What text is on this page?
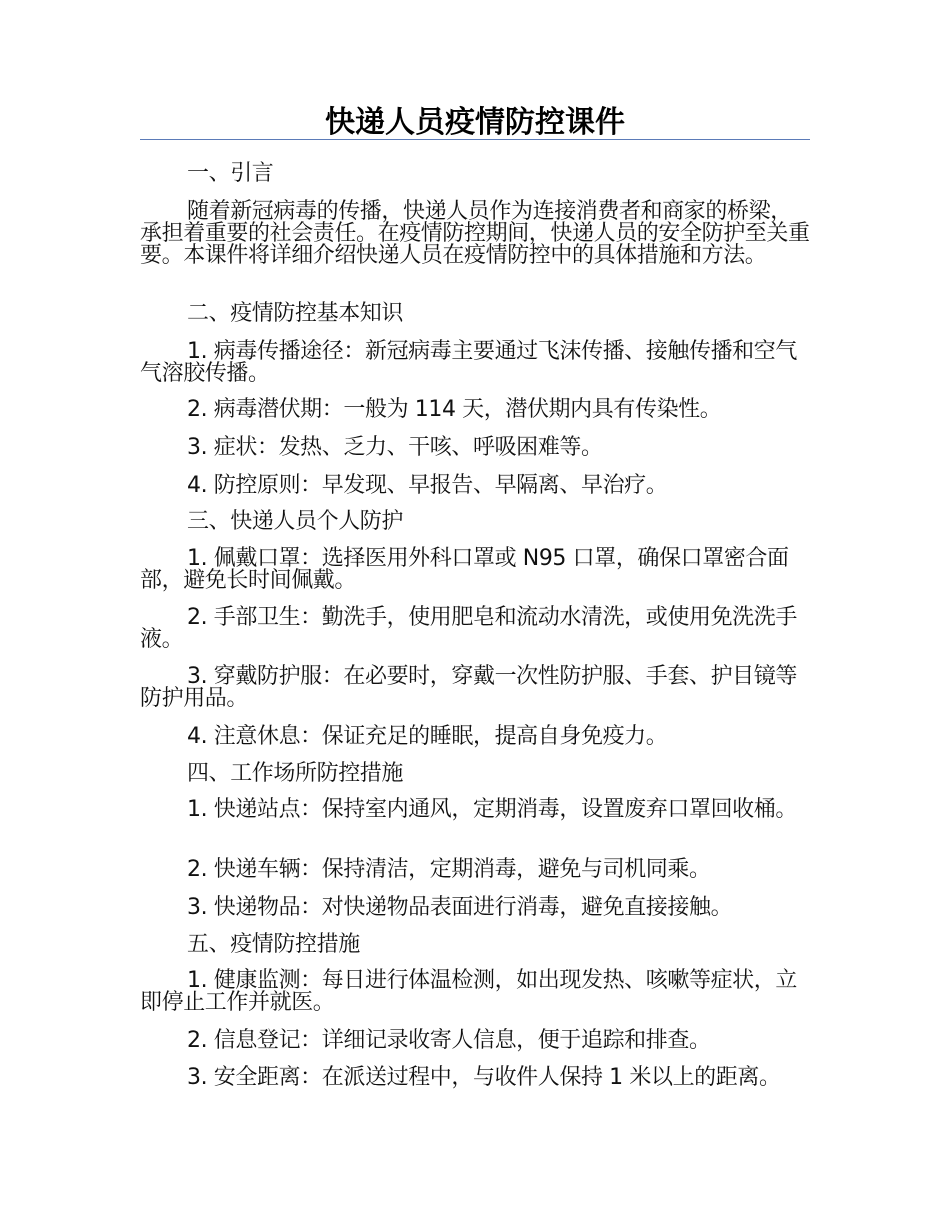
快递人员疫情防控课件

一、引言

随着新冠病毒的传播，快递人员作为连接消费者和商家的桥梁，承担着重要的社会责任。在疫情防控期间，快递人员的安全防护至关重要。本课件将详细介绍快递人员在疫情防控中的具体措施和方法。

二、疫情防控基本知识

1. 病毒传播途径：新冠病毒主要通过飞沫传播、接触传播和空气气溶胶传播。

2. 病毒潜伏期：一般为 114 天，潜伏期内具有传染性。

3. 症状：发热、乏力、干咳、呼吸困难等。

4. 防控原则：早发现、早报告、早隔离、早治疗。

三、快递人员个人防护

1. 佩戴口罩：选择医用外科口罩或 N95 口罩，确保口罩密合面部，避免长时间佩戴。

2. 手部卫生：勤洗手，使用肥皂和流动水清洗，或使用免洗洗手液。

3. 穿戴防护服：在必要时，穿戴一次性防护服、手套、护目镜等防护用品。

4. 注意休息：保证充足的睡眠，提高自身免疫力。

四、工作场所防控措施

1. 快递站点：保持室内通风，定期消毒，设置废弃口罩回收桶。

2. 快递车辆：保持清洁，定期消毒，避免与司机同乘。

3. 快递物品：对快递物品表面进行消毒，避免直接接触。

五、疫情防控措施

1. 健康监测：每日进行体温检测，如出现发热、咳嗽等症状，立即停止工作并就医。

2. 信息登记：详细记录收寄人信息，便于追踪和排查。

3. 安全距离：在派送过程中，与收件人保持 1 米以上的距离。
